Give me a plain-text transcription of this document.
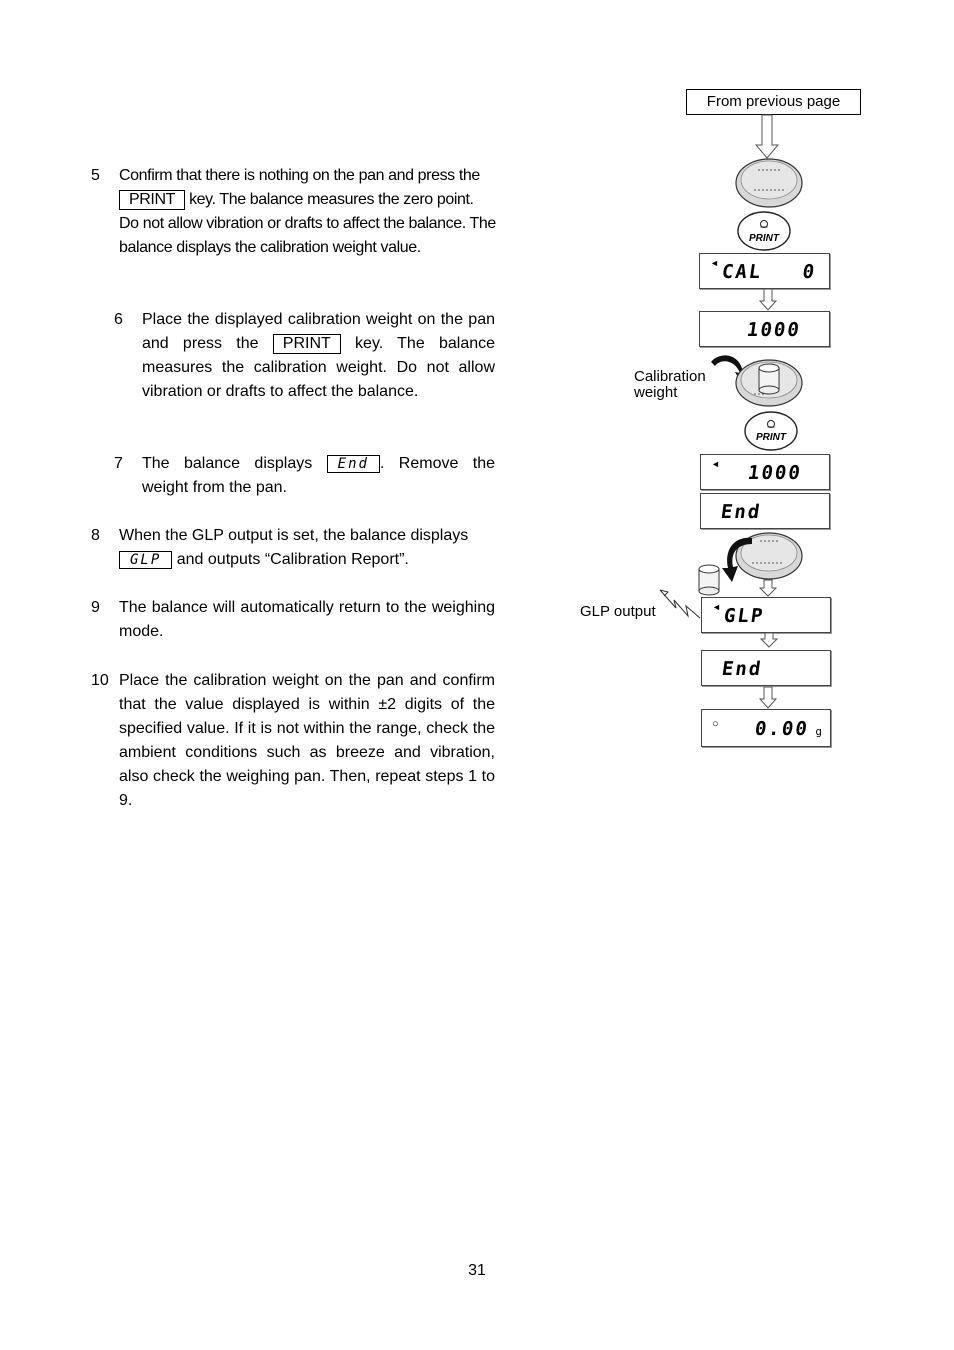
5 Confirm that there is nothing on the pan and press the
PRINT key. The balance measures the zero point. Do not allow vibration or drafts to affect the balance. The balance displays the calibration weight value.
6 Place the displayed calibration weight on the pan and press the PRINT key. The balance measures the calibration weight. Do not allow vibration or drafts to affect the balance.
7 The balance displays End . Remove the weight from the pan.
8 When the GLP output is set, the balance displays
GLP and outputs “Calibration Report”.
9 The balance will automatically return to the weighing mode.
10 Place the calibration weight on the pan and confirm that the value displayed is within ±2 digits of the specified value. If it is not within the range, check the ambient conditions such as breeze and vibration, also check the weighing pan. Then, repeat steps 1 to 9.
From previous page
PRINT
◄ CAL   0
1000
Calibration
weight
PRINT
◄ 1000
End
GLP output	◄ GLP
End
○ 0.00 g
31
